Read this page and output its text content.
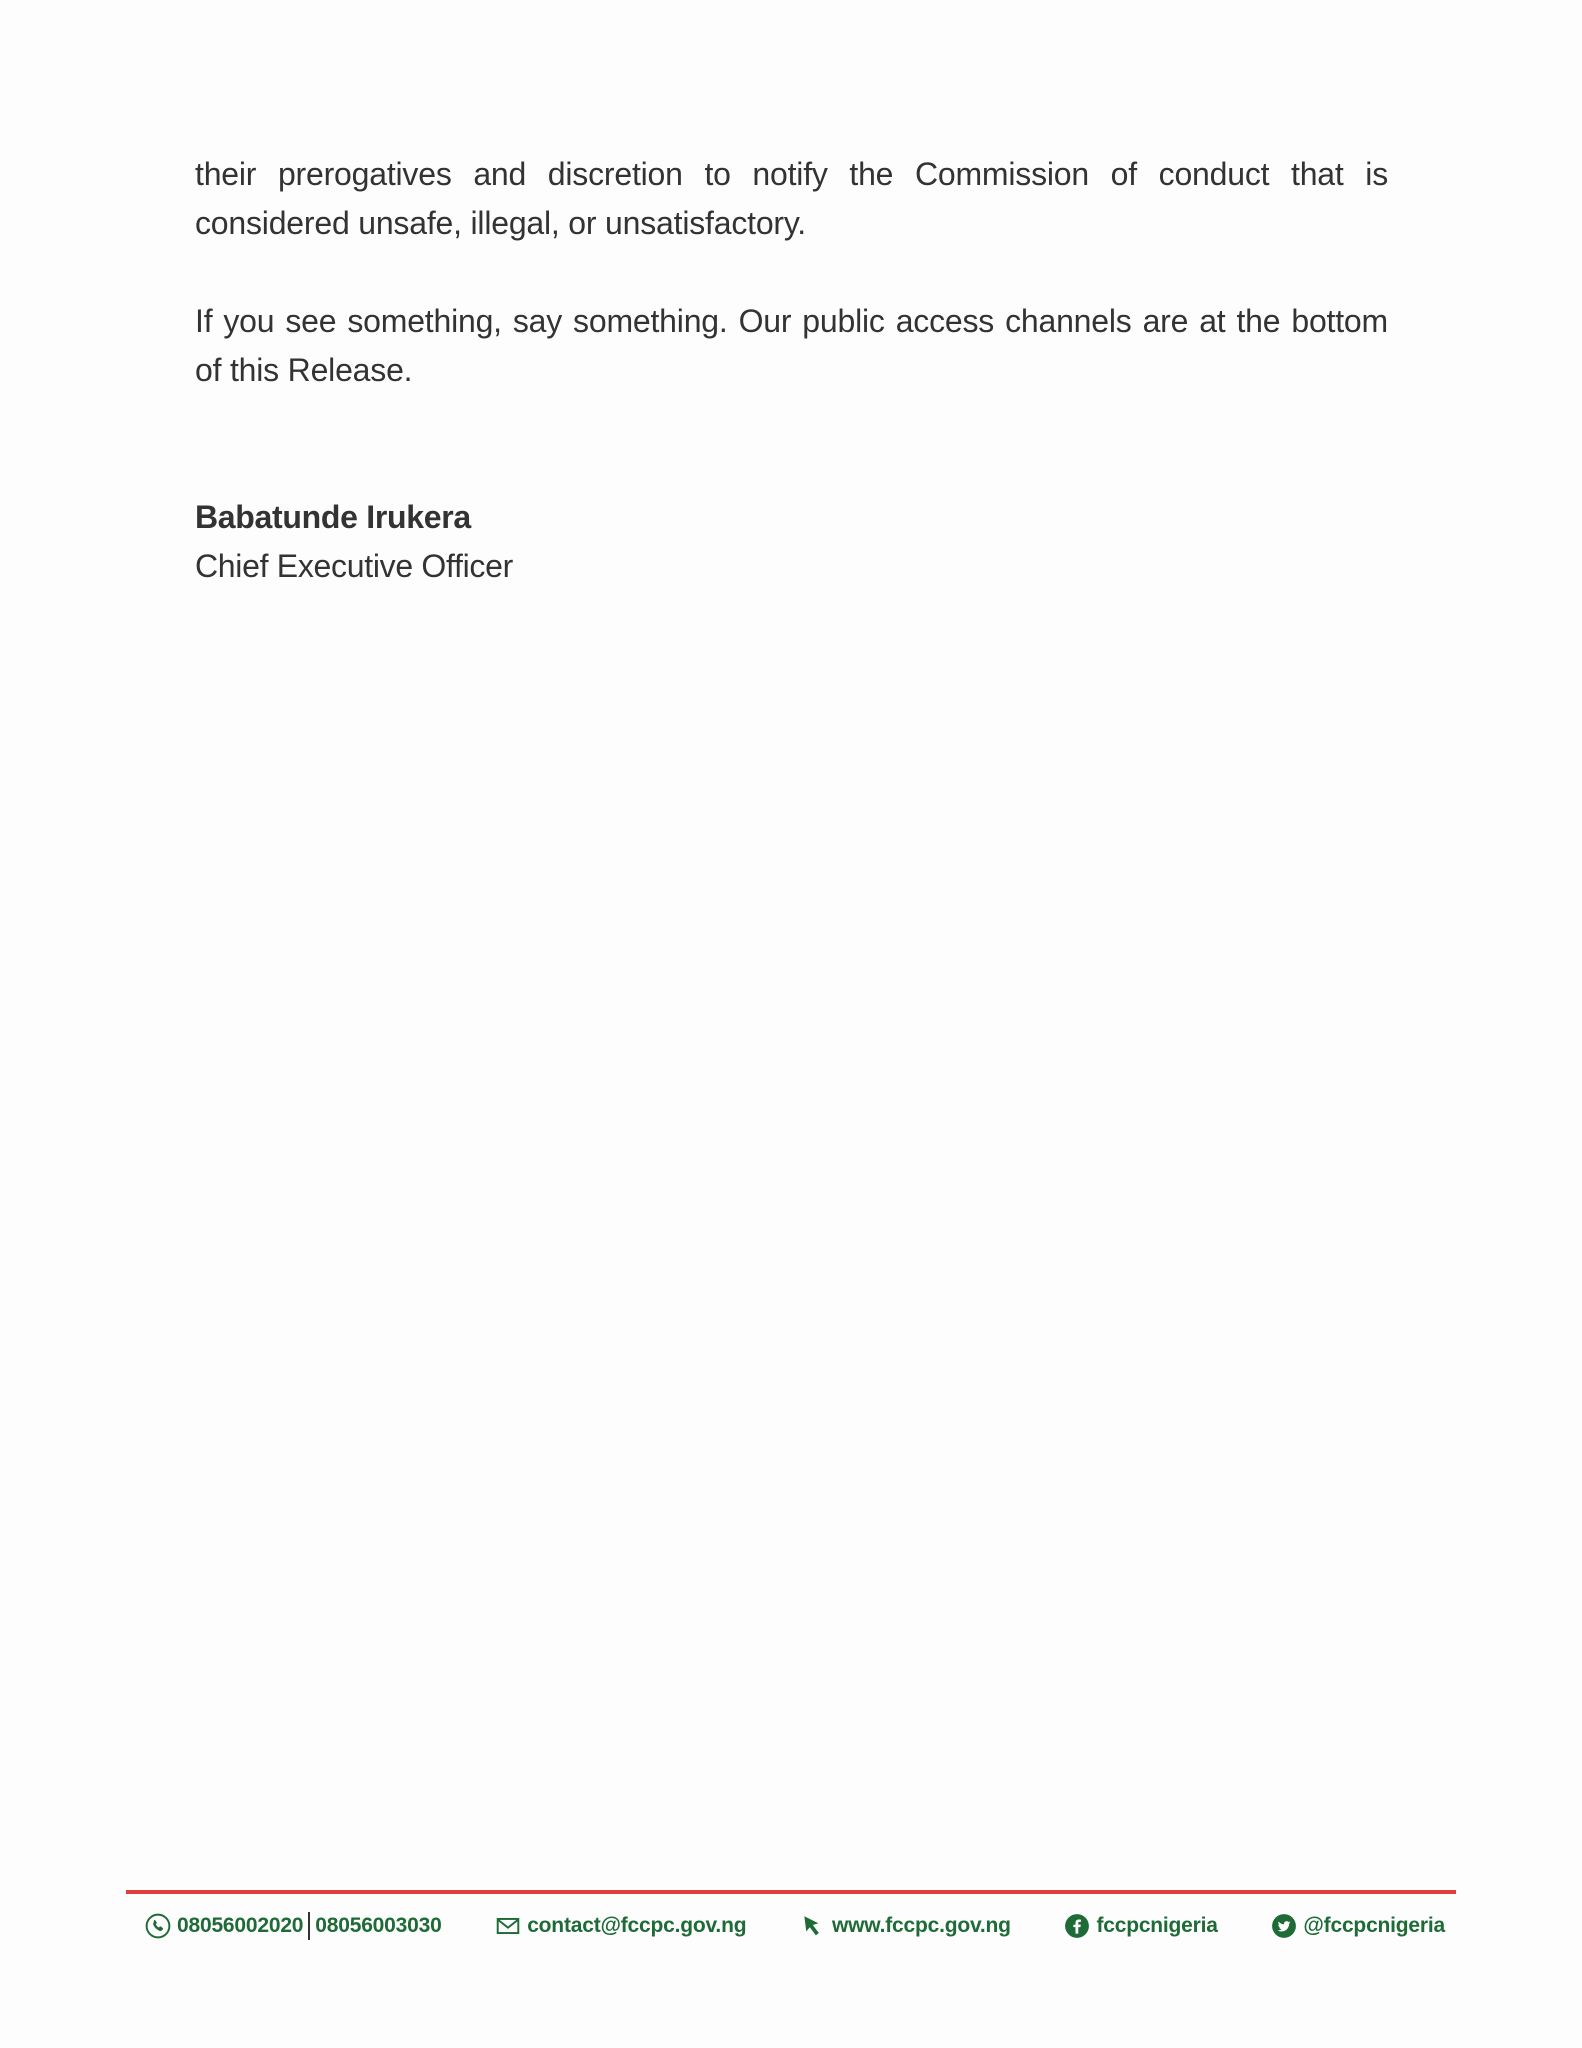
their prerogatives and discretion to notify the Commission of conduct that is considered unsafe, illegal, or unsatisfactory.

If you see something, say something. Our public access channels are at the bottom of this Release.

Babatunde Irukera
Chief Executive Officer
08056002020 08056003030	contact@fccpc.gov.ng	www.fccpc.gov.ng	fccpcnigeria	@fccpcnigeria
